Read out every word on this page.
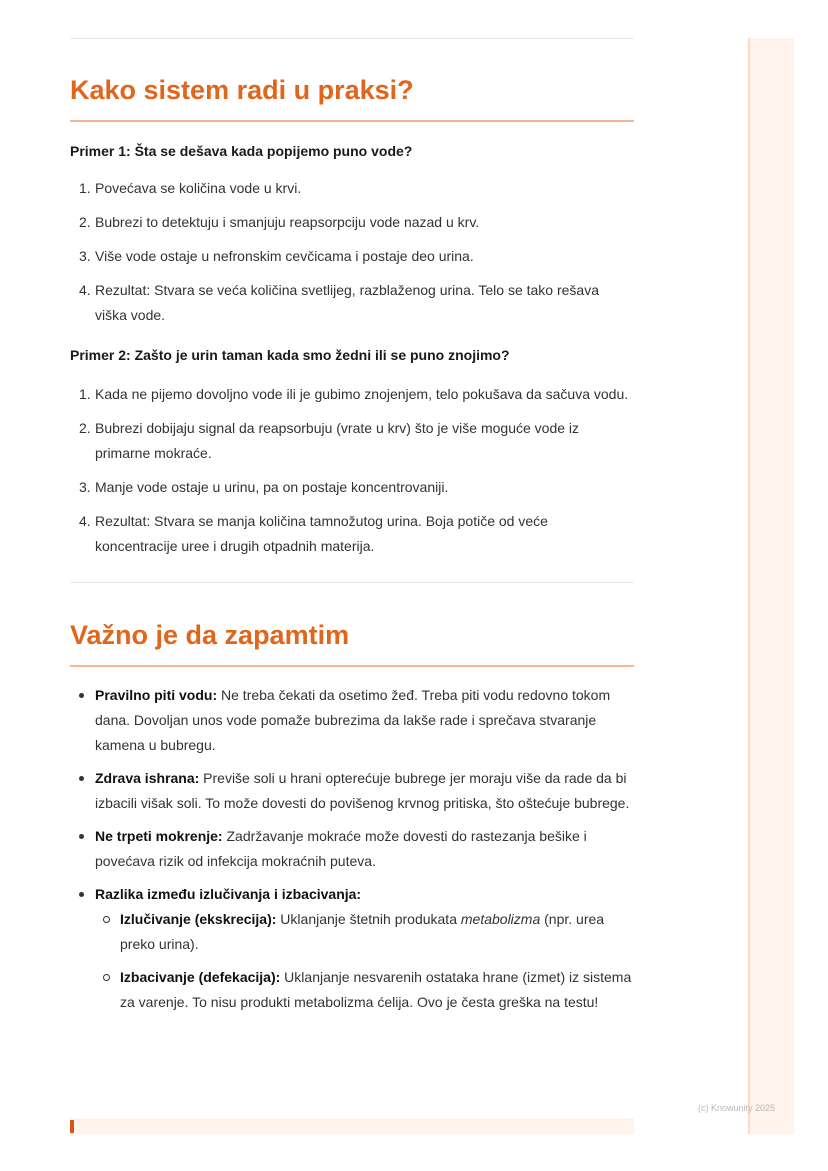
Kako sistem radi u praksi?
Primer 1: Šta se dešava kada popijemo puno vode?
1. Povećava se količina vode u krvi.
2. Bubrezi to detektuju i smanjuju reapsorpciju vode nazad u krv.
3. Više vode ostaje u nefronskim cevčicama i postaje deo urina.
4. Rezultat: Stvara se veća količina svetlijeg, razblaženog urina. Telo se tako rešava viška vode.
Primer 2: Zašto je urin taman kada smo žedni ili se puno znojimo?
1. Kada ne pijemo dovoljno vode ili je gubimo znojenjem, telo pokušava da sačuva vodu.
2. Bubrezi dobijaju signal da reapsorbuju (vrate u krv) što je više moguće vode iz primarne mokraće.
3. Manje vode ostaje u urinu, pa on postaje koncentrovaniji.
4. Rezultat: Stvara se manja količina tamnožutog urina. Boja potiče od veće koncentracije uree i drugih otpadnih materija.
Važno je da zapamtim
Pravilno piti vodu: Ne treba čekati da osetimo žeđ. Treba piti vodu redovno tokom dana. Dovoljan unos vode pomaže bubrezima da lakše rade i sprečava stvaranje kamena u bubregu.
Zdrava ishrana: Previše soli u hrani opterećuje bubrege jer moraju više da rade da bi izbacili višak soli. To može dovesti do povišenog krvnog pritiska, što oštećuje bubrege.
Ne trpeti mokrenje: Zadržavanje mokraće može dovesti do rastezanja bešike i povećava rizik od infekcija mokraćnih puteva.
Razlika između izlučivanja i izbacivanja:
Izlučivanje (ekskrecija): Uklanjanje štetnih produkata metabolizma (npr. urea preko urina).
Izbacivanje (defekacija): Uklanjanje nesvarenih ostataka hrane (izmet) iz sistema za varenje. To nisu produkti metabolizma ćelija. Ovo je česta greška na testu!
(c) Knowunity 2025
